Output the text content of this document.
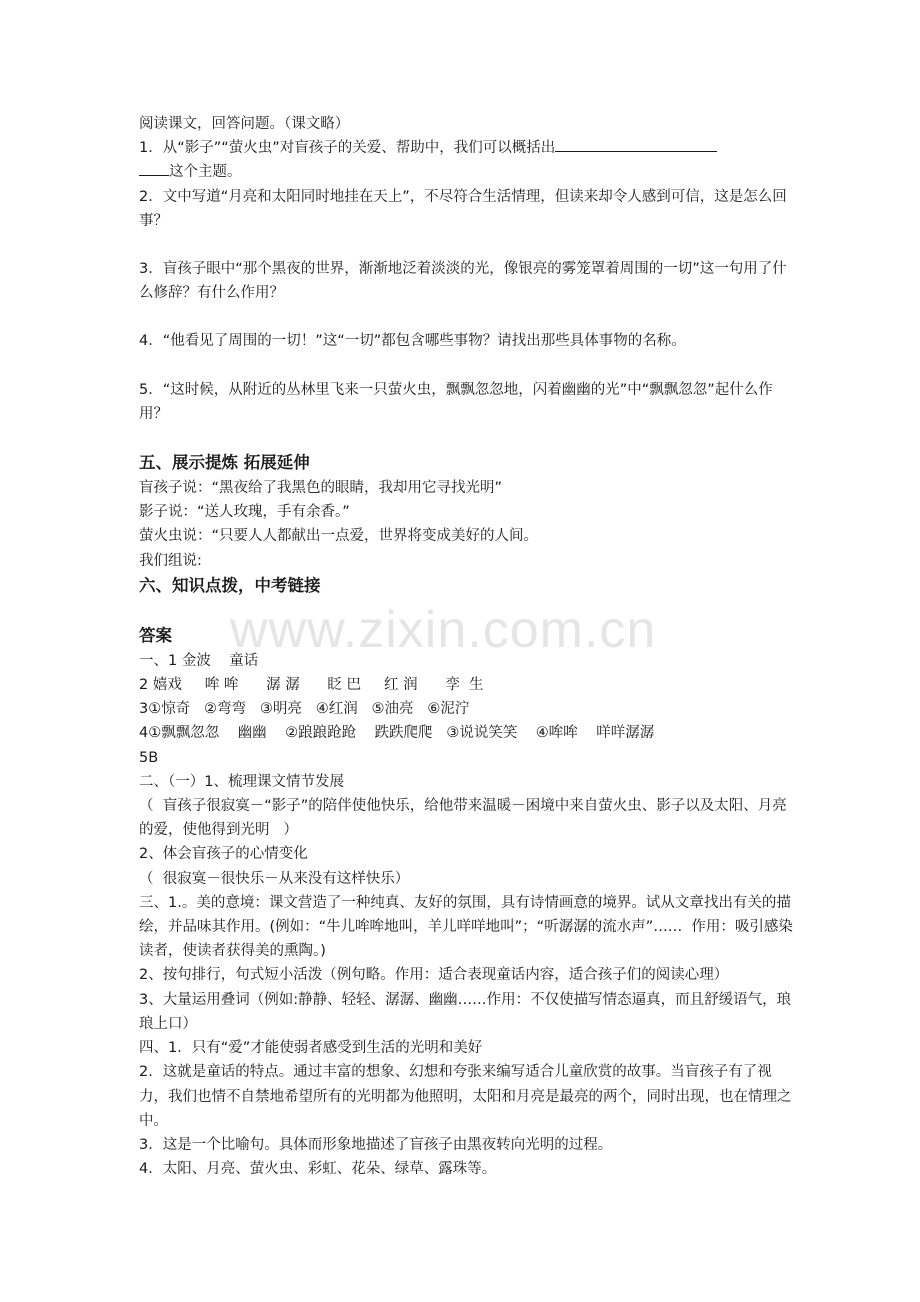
www.zixin.com.cn

阅读课文，回答问题。（课文略）

1．从“影子”“萤火虫”对盲孩子的关爱、帮助中，我们可以概括出
这个主题。

2．文中写道“月亮和太阳同时地挂在天上”，不尽符合生活情理，但读来却令人感到可信，这是怎么回事？

3．盲孩子眼中“那个黑夜的世界，渐渐地泛着淡淡的光，像银亮的雾笼罩着周围的一切”这一句用了什么修辞？有什么作用？

4．“他看见了周围的一切！”这“一切”都包含哪些事物？请找出那些具体事物的名称。

5．“这时候，从附近的丛林里飞来一只萤火虫，飘飘忽忽地，闪着幽幽的光”中“飘飘忽忽”起什么作用？

五、展示提炼 拓展延伸

盲孩子说：“黑夜给了我黑色的眼睛，我却用它寻找光明”

影子说：“送人玫瑰，手有余香。”

萤火虫说：“只要人人都献出一点爱，世界将变成美好的人间。

我们组说:

六、知识点拨，中考链接

答案

一、1 金波    童话

2 嬉戏     哞 哞      潺 潺      眨 巴     红 润      孪  生

3①惊奇   ②弯弯   ③明亮   ④红润   ⑤油亮   ⑥泥泞

4①飘飘忽忽    幽幽    ②踉踉跄跄    跌跌爬爬   ③说说笑笑    ④哞哞    咩咩潺潺

5B

二、（一）1、梳理课文情节发展

（  盲孩子很寂寞－“影子”的陪伴使他快乐，给他带来温暖－困境中来自萤火虫、影子以及太阳、月亮的爱，使他得到光明   ）

2、体会盲孩子的心情变化

（  很寂寞－很快乐－从来没有这样快乐）

三、1.。美的意境：课文营造了一种纯真、友好的氛围，具有诗情画意的境界。试从文章找出有关的描绘，并品味其作用。(例如：“牛儿哞哞地叫，羊儿咩咩地叫”；“听潺潺的流水声”……  作用：吸引感染读者，使读者获得美的熏陶。)

2、按句排行，句式短小活泼（例句略。作用：适合表现童话内容，适合孩子们的阅读心理）

3、大量运用叠词（例如:静静、轻轻、潺潺、幽幽……作用：不仅使描写情态逼真，而且舒缓语气，琅琅上口）

四、1．只有“爱”才能使弱者感受到生活的光明和美好

2．这就是童话的特点。通过丰富的想象、幻想和夸张来编写适合儿童欣赏的故事。当盲孩子有了视力，我们也情不自禁地希望所有的光明都为他照明，太阳和月亮是最亮的两个，同时出现，也在情理之中。

3．这是一个比喻句。具体而形象地描述了盲孩子由黑夜转向光明的过程。

4．太阳、月亮、萤火虫、彩虹、花朵、绿草、露珠等。
